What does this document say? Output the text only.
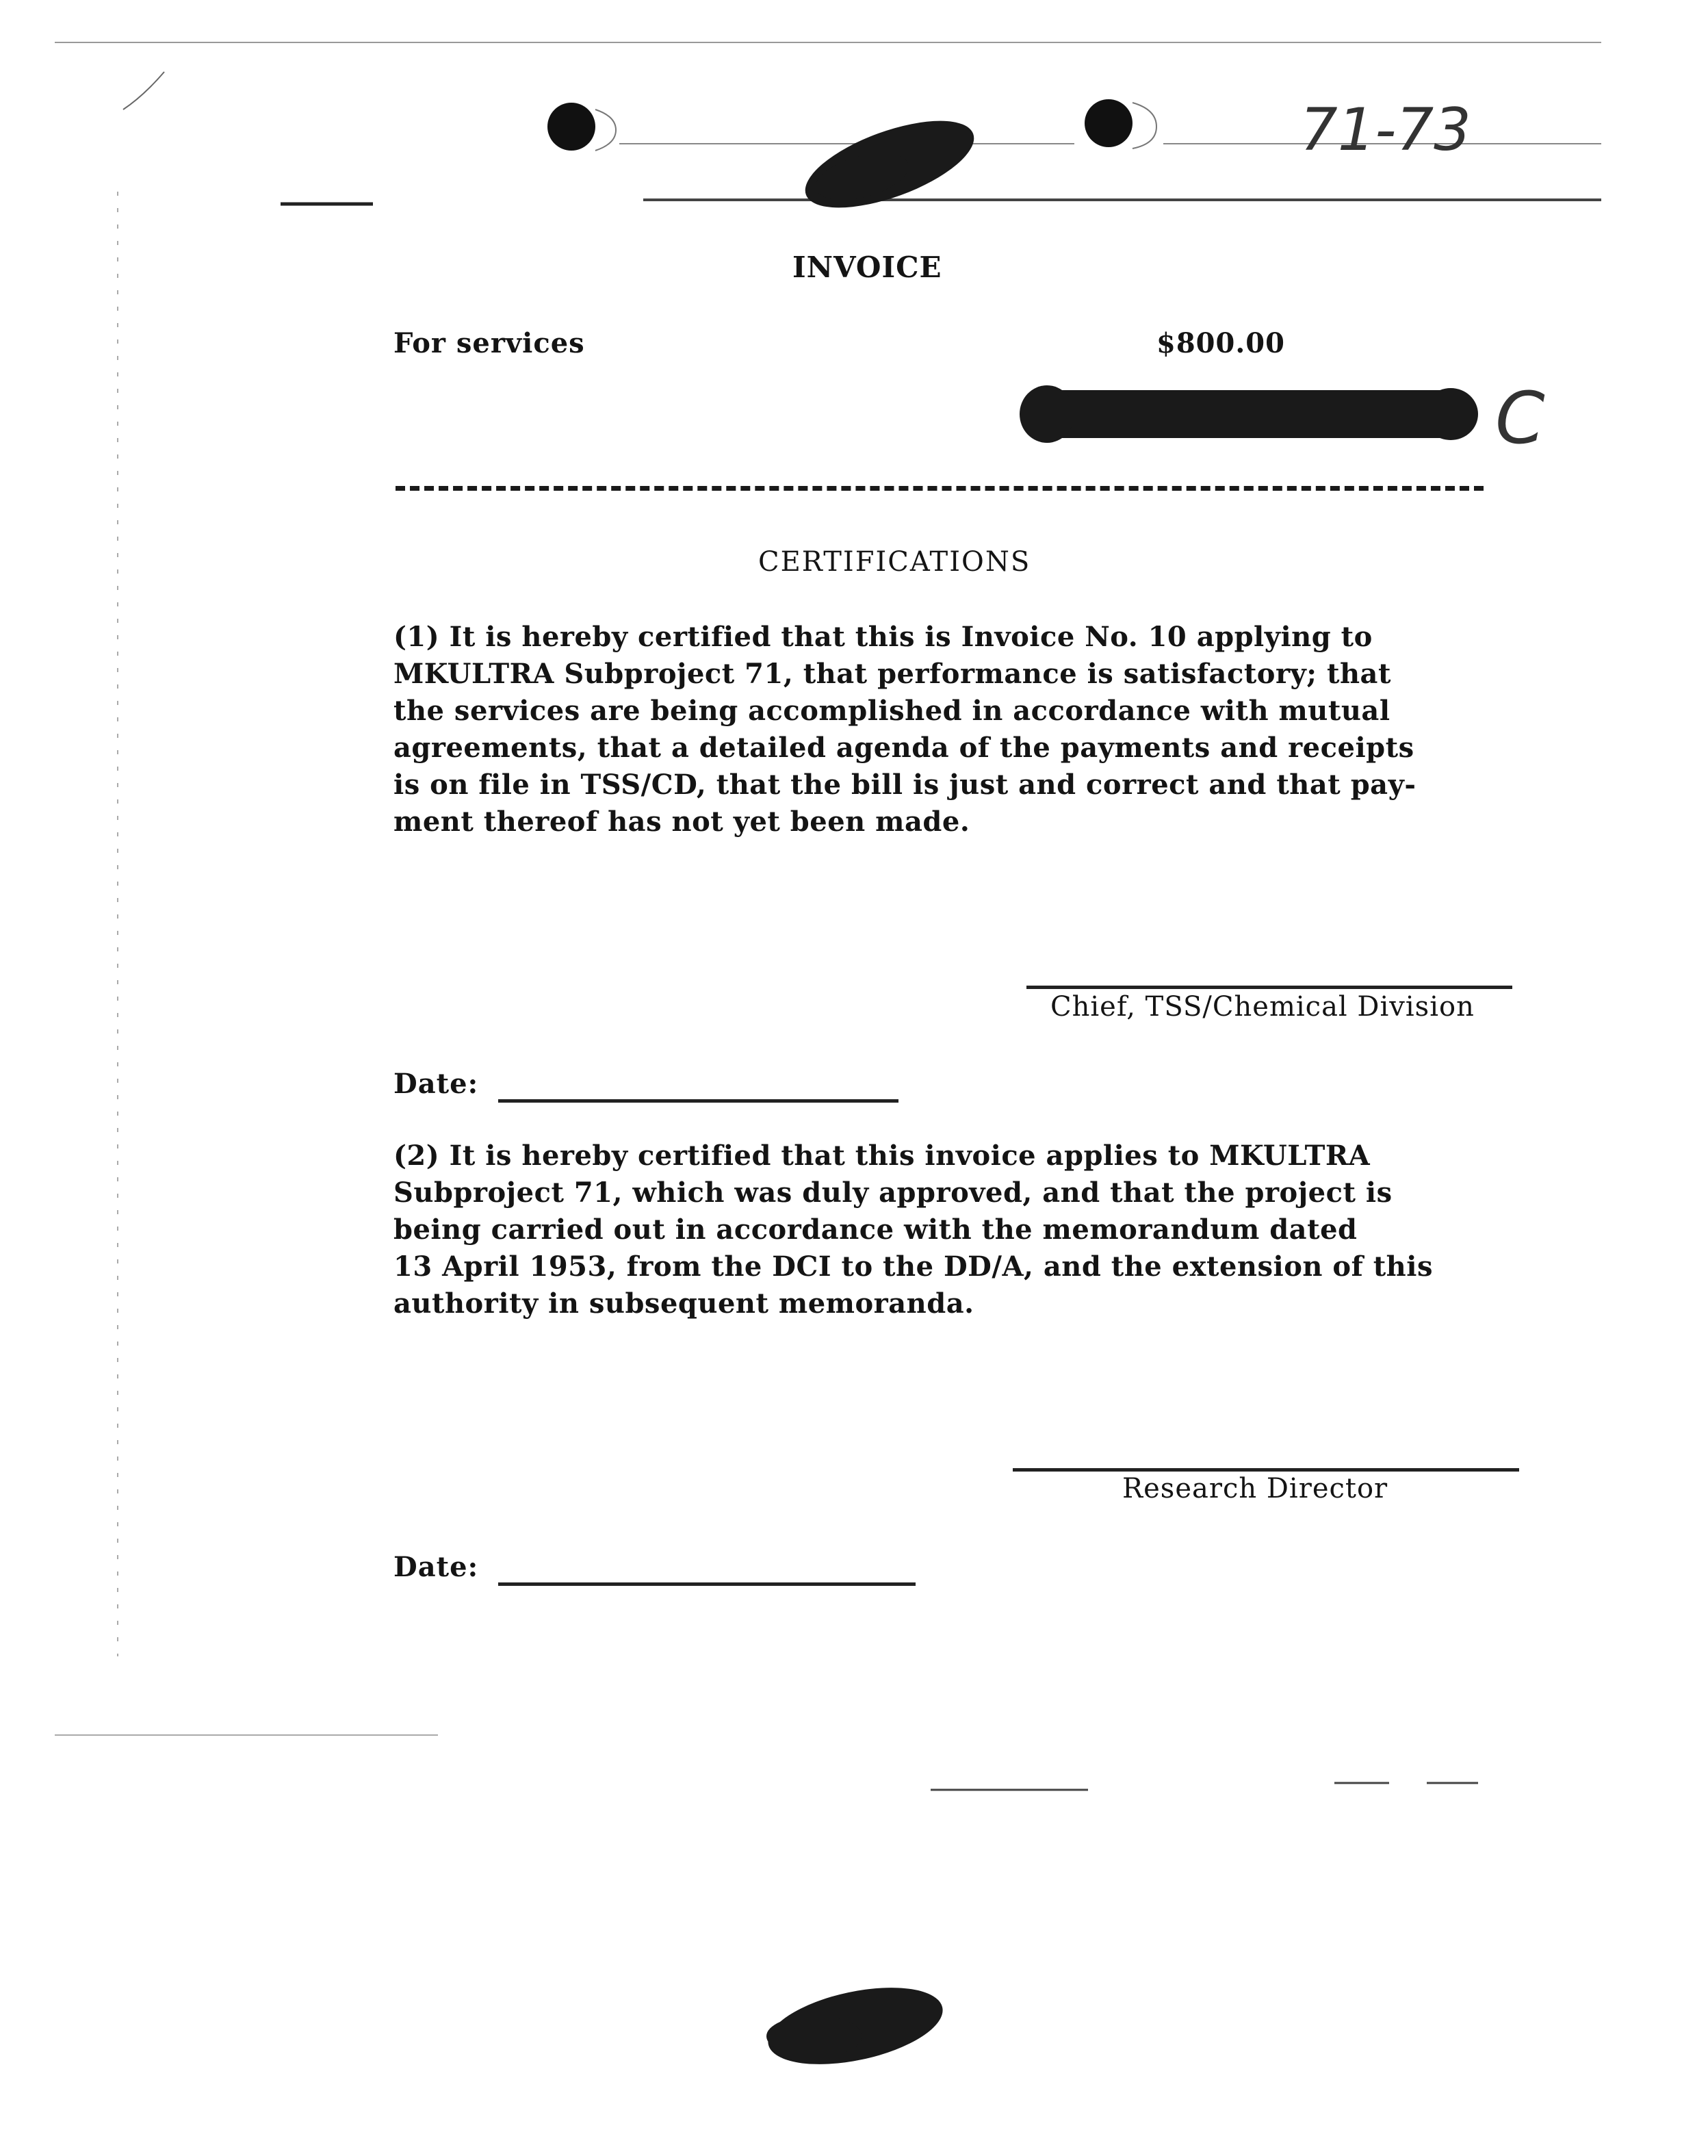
71-73
C
INVOICE
For services	$800.00
CERTIFICATIONS
(1) It is hereby certified that this is Invoice No. 10 applying to
MKULTRA Subproject 71, that performance is satisfactory; that
the services are being accomplished in accordance with mutual
agreements, that a detailed agenda of the payments and receipts
is on file in TSS/CD, that the bill is just and correct and that pay-
ment thereof has not yet been made.
Chief, TSS/Chemical Division
Date:
(2) It is hereby certified that this invoice applies to MKULTRA
Subproject 71, which was duly approved, and that the project is
being carried out in accordance with the memorandum dated
13 April 1953, from the DCI to the DD/A, and the extension of this
authority in subsequent memoranda.
Research Director
Date:
